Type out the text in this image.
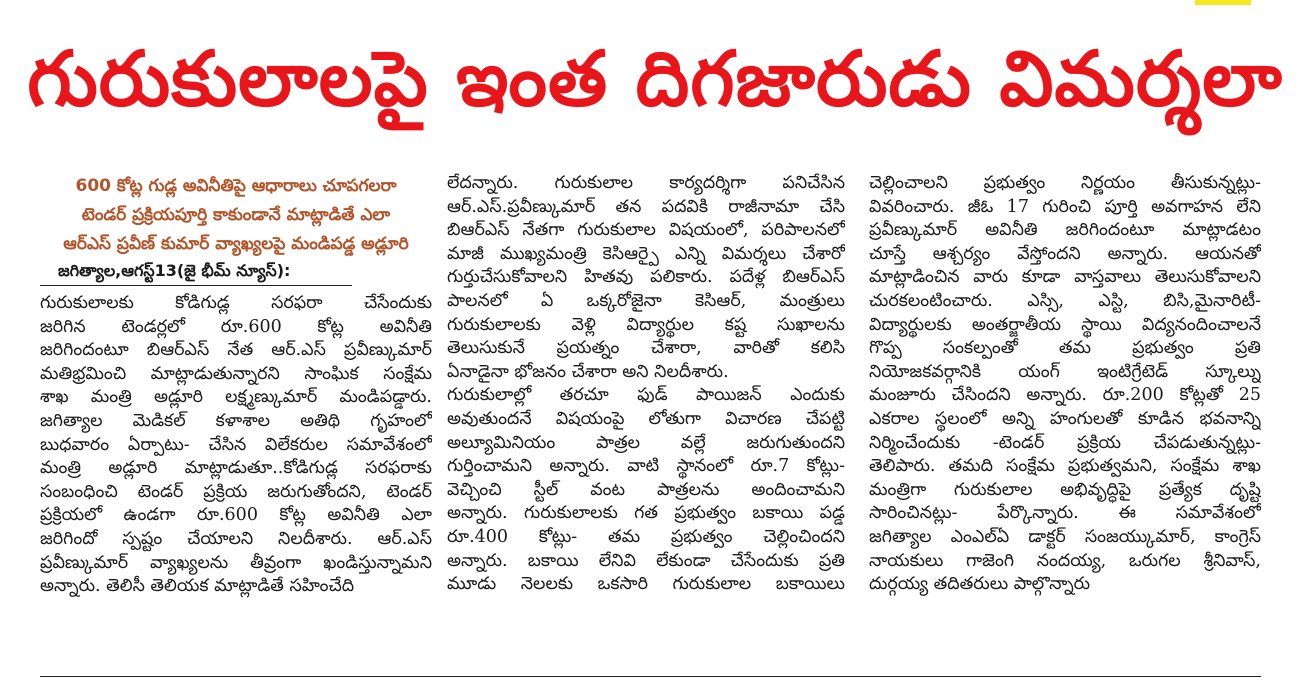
గురుకులాలపై ఇంత దిగజారుడు విమర్శలా
600 కోట్ల గుడ్ల అవినీతిపై ఆధారాలు చూపగలరా
టెండర్ ప్రక్రియపూర్తి కాకుండానే మాట్లాడితే ఎలా
ఆర్ఎస్ ప్రవీణ్ కుమార్ వ్యాఖ్యలపై మండిపడ్డ అడ్లూరి
జగిత్యాల,ఆగస్ట్13(జై భీమ్ న్యూస్):
గురుకులాలకు కోడిగుడ్ల సరఫరా చేసేందుకు
జరిగిన టెండర్లలో రూ.600 కోట్ల అవినీతి
జరిగిందంటూ బిఆర్ఎస్ నేత ఆర్.ఎస్ ప్రవీణ్కుమార్
మతిభ్రమించి మాట్లాడుతున్నారని సాంఘిక సంక్షేమ
శాఖ మంత్రి అడ్లూరి లక్ష్మణ్కుమార్ మండిపడ్డారు.
జగిత్యాల మెడికల్ కళాశాల అతిథి గృహంలో
బుధవారం ఏర్పాటు- చేసిన విలేకరుల సమావేశంలో
మంత్రి అడ్లూరి మాట్లాడుతూ..కోడిగుడ్ల సరఫరాకు
సంబంధించి టెండర్ ప్రక్రియ జరుగుతోందని, టెండర్
ప్రక్రియలో ఉండగా రూ.600 కోట్ల అవినీతి ఎలా
జరిగిందో స్పష్టం చేయాలని నిలదీశారు. ఆర్.ఎస్
ప్రవీణ్కుమార్ వ్యాఖ్యలను తీవ్రంగా ఖండిస్తున్నామని
అన్నారు. తెలిసీ తెలియక మాట్లాడితే సహించేది
లేదన్నారు. గురుకులాల కార్యదర్శిగా పనిచేసిన
ఆర్.ఎస్.ప్రవీణ్కుమార్ తన పదవికి రాజీనామా చేసి
బిఆర్ఎస్ నేతగా గురుకులాల విషయంలో, పరిపాలనలో
మాజీ ముఖ్యమంత్రి కెసిఆర్పై ఎన్ని విమర్శలు చేశారో
గుర్తుచేసుకోవాలని హితవు పలికారు. పదేళ్ల బిఆర్ఎస్
పాలనలో ఏ ఒక్కరోజైనా కెసిఆర్, మంత్రులు
గురుకులాలకు వెళ్లి విద్యార్థుల కష్ట సుఖాలను
తెలుసుకునే ప్రయత్నం చేశారా, వారితో కలిసి
ఏనాడైనా భోజనం చేశారా అని నిలదీశారు.
గురుకులాల్లో తరచూ ఫుడ్ పాయిజన్ ఎందుకు
అవుతుందనే విషయంపై లోతుగా విచారణ చేపట్టి
అల్యూమినియం పాత్రల వల్లే జరుగుతుందని
గుర్తించామని అన్నారు. వాటి స్థానంలో రూ.7 కోట్లు-
వెచ్చించి స్టీల్ వంట పాత్రలను అందించామని
అన్నారు. గురుకులాలకు గత ప్రభుత్వం బకాయి పడ్డ
రూ.400 కోట్లు- తమ ప్రభుత్వం చెల్లించిందని
అన్నారు. బకాయి లేనివి లేకుండా చేసేందుకు ప్రతి
మూడు నెలలకు ఒకసారి గురుకులాల బకాయిలు
చెల్లించాలని ప్రభుత్వం నిర్ణయం తీసుకున్నట్లు-
వివరించారు. జీఓ 17 గురించి పూర్తి అవగాహన లేని
ప్రవీణ్కుమార్ అవినీతి జరిగిందంటూ మాట్లాడటం
చూస్తే ఆశ్చర్యం వేస్తోందని అన్నారు. ఆయనతో
మాట్లాడించిన వారు కూడా వాస్తవాలు తెలుసుకోవాలని
చురకలంటించారు. ఎస్సి, ఎస్టి, బిసి,మైనారిటీ-
విద్యార్థులకు అంతర్జాతీయ స్థాయి విద్యనందించాలనే
గొప్ప సంకల్పంతో తమ ప్రభుత్వం ప్రతి
నియోజకవర్గానికి యంగ్ ఇంటిగ్రేటెడ్ స్కూల్ను
మంజూరు చేసిందని అన్నారు. రూ.200 కోట్లతో 25
ఎకరాల స్థలంలో అన్ని హంగులతో కూడిన భవనాన్ని
నిర్మించేందుకు -టెండర్ ప్రక్రియ చేపడుతున్నట్లు-
తెలిపారు. తమది సంక్షేమ ప్రభుత్వమని, సంక్షేమ శాఖ
మంత్రిగా గురుకులాల అభివృద్ధిపై ప్రత్యేక దృష్టి
సారించినట్లు- పేర్కొన్నారు. ఈ సమావేశంలో
జగిత్యాల ఎంఎల్ఏ డాక్టర్ సంజయ్కుమార్, కాంగ్రెస్
నాయకులు గాజెంగి నందయ్య, ఒరుగల శ్రీనివాస్,
దుర్గయ్య తదితరులు పాల్గొన్నారు
